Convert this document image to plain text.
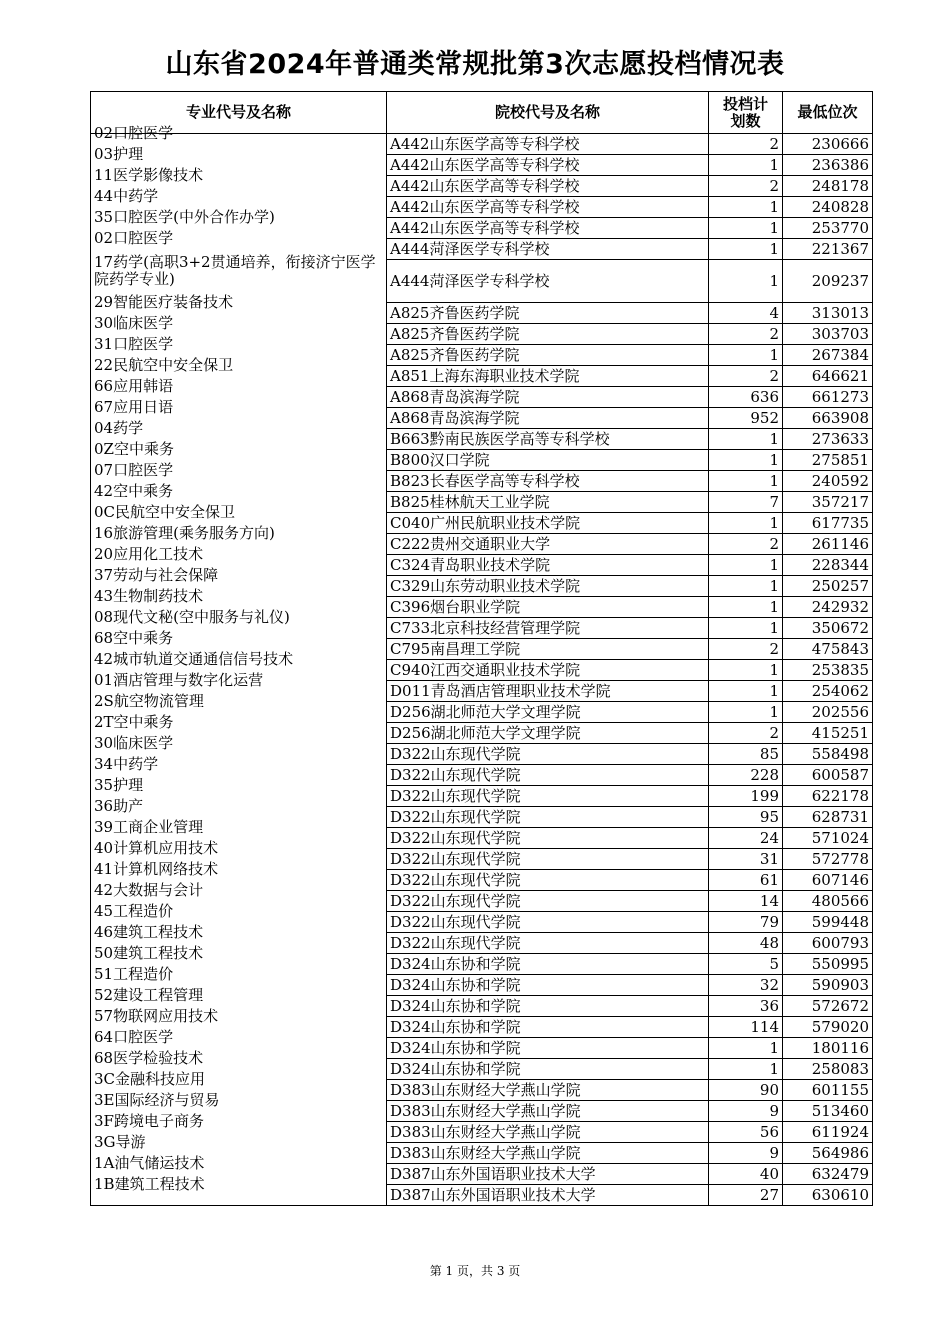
山东省2024年普通类常规批第3次志愿投档情况表
专业代号及名称	院校代号及名称	投档计划数	最低位次
02口腔医学	A442山东医学高等专科学校	2	230666
03护理	A442山东医学高等专科学校	1	236386
11医学影像技术	A442山东医学高等专科学校	2	248178
44中药学	A442山东医学高等专科学校	1	240828
35口腔医学(中外合作办学)	A442山东医学高等专科学校	1	253770
02口腔医学	A444菏泽医学专科学校	1	221367

17药学(高职3+2贯通培养，衔接济宁医学院药学专业)	A444菏泽医学专科学校	1	209237
29智能医疗装备技术	A825齐鲁医药学院	4	313013
30临床医学	A825齐鲁医药学院	2	303703
31口腔医学	A825齐鲁医药学院	1	267384
22民航空中安全保卫	A851上海东海职业技术学院	2	646621
66应用韩语	A868青岛滨海学院	636	661273
67应用日语	A868青岛滨海学院	952	663908
04药学	B663黔南民族医学高等专科学校	1	273633
0Z空中乘务	B800汉口学院	1	275851
07口腔医学	B823长春医学高等专科学校	1	240592
42空中乘务	B825桂林航天工业学院	7	357217
0C民航空中安全保卫	C040广州民航职业技术学院	1	617735
16旅游管理(乘务服务方向)	C222贵州交通职业大学	2	261146
20应用化工技术	C324青岛职业技术学院	1	228344
37劳动与社会保障	C329山东劳动职业技术学院	1	250257
43生物制药技术	C396烟台职业学院	1	242932
08现代文秘(空中服务与礼仪)	C733北京科技经营管理学院	1	350672
68空中乘务	C795南昌理工学院	2	475843
42城市轨道交通通信信号技术	C940江西交通职业技术学院	1	253835
01酒店管理与数字化运营	D011青岛酒店管理职业技术学院	1	254062
2S航空物流管理	D256湖北师范大学文理学院	1	202556
2T空中乘务	D256湖北师范大学文理学院	2	415251
30临床医学	D322山东现代学院	85	558498
34中药学	D322山东现代学院	228	600587
35护理	D322山东现代学院	199	622178
36助产	D322山东现代学院	95	628731
39工商企业管理	D322山东现代学院	24	571024
40计算机应用技术	D322山东现代学院	31	572778
41计算机网络技术	D322山东现代学院	61	607146
42大数据与会计	D322山东现代学院	14	480566
45工程造价	D322山东现代学院	79	599448
46建筑工程技术	D322山东现代学院	48	600793
50建筑工程技术	D324山东协和学院	5	550995
51工程造价	D324山东协和学院	32	590903
52建设工程管理	D324山东协和学院	36	572672
57物联网应用技术	D324山东协和学院	114	579020
64口腔医学	D324山东协和学院	1	180116
68医学检验技术	D324山东协和学院	1	258083
3C金融科技应用	D383山东财经大学燕山学院	90	601155
3E国际经济与贸易	D383山东财经大学燕山学院	9	513460
3F跨境电子商务	D383山东财经大学燕山学院	56	611924
3G导游	D383山东财经大学燕山学院	9	564986
1A油气储运技术	D387山东外国语职业技术大学	40	632479
1B建筑工程技术	D387山东外国语职业技术大学	27	630610
第 1 页，共 3 页
